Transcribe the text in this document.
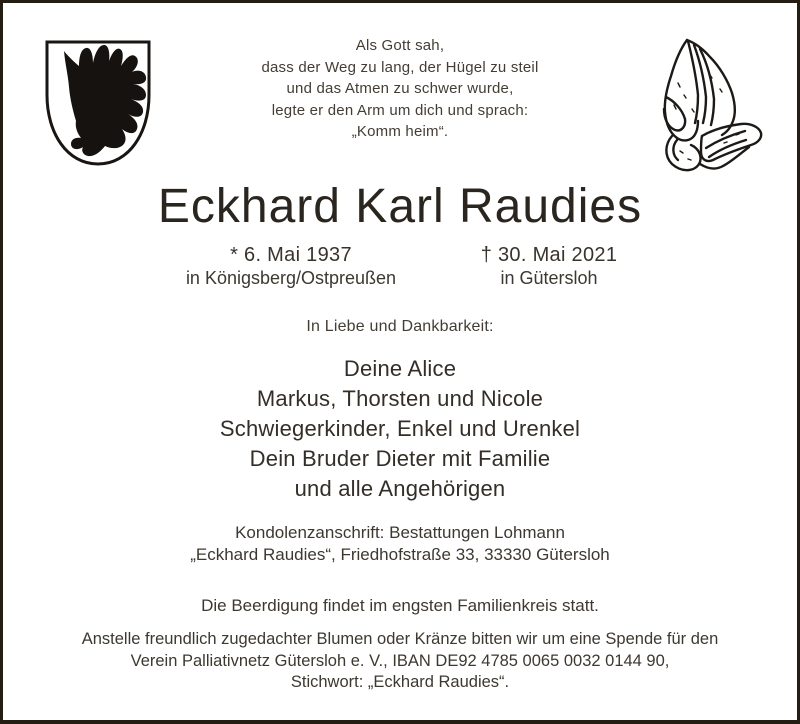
Als Gott sah,
dass der Weg zu lang, der Hügel zu steil
und das Atmen zu schwer wurde,
legte er den Arm um dich und sprach:
„Komm heim“.
Eckhard Karl Raudies
* 6. Mai 1937
in Königsberg/Ostpreußen
† 30. Mai 2021
in Gütersloh
In Liebe und Dankbarkeit:
Deine Alice
Markus, Thorsten und Nicole
Schwiegerkinder, Enkel und Urenkel
Dein Bruder Dieter mit Familie
und alle Angehörigen
Kondolenzanschrift: Bestattungen Lohmann
„Eckhard Raudies“, Friedhofstraße 33, 33330 Gütersloh
Die Beerdigung findet im engsten Familienkreis statt.
Anstelle freundlich zugedachter Blumen oder Kränze bitten wir um eine Spende für den
Verein Palliativnetz Gütersloh e. V., IBAN DE92 4785 0065 0032 0144 90,
Stichwort: „Eckhard Raudies“.
